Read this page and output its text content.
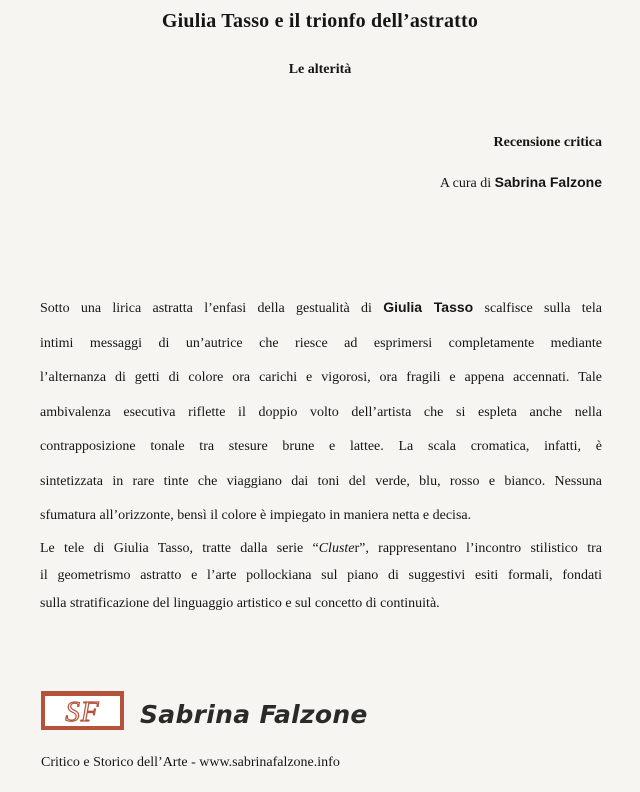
Giulia Tasso e il trionfo dell’astratto
Le alterità
Recensione critica
A cura di Sabrina Falzone

Sotto una lirica astratta l’enfasi della gestualità di Giulia Tasso scalfisce sulla tela
intimi messaggi di un’autrice che riesce ad esprimersi completamente mediante
l’alternanza di getti di colore ora carichi e vigorosi, ora fragili e appena accennati. Tale
ambivalenza esecutiva riflette il doppio volto dell’artista che si espleta anche nella
contrapposizione tonale tra stesure brune e lattee. La scala cromatica, infatti, è
sintetizzata in rare tinte che viaggiano dai toni del verde, blu, rosso e bianco. Nessuna
sfumatura all’orizzonte, bensì il colore è impiegato in maniera netta e decisa.

Le tele di Giulia Tasso, tratte dalla serie “Cluster”, rappresentano l’incontro stilistico tra
il geometrismo astratto e l’arte pollockiana sul piano di suggestivi esiti formali, fondati
sulla stratificazione del linguaggio artistico e sul concetto di continuità.

SF Sabrina Falzone
Critico e Storico dell’Arte - www.sabrinafalzone.info
